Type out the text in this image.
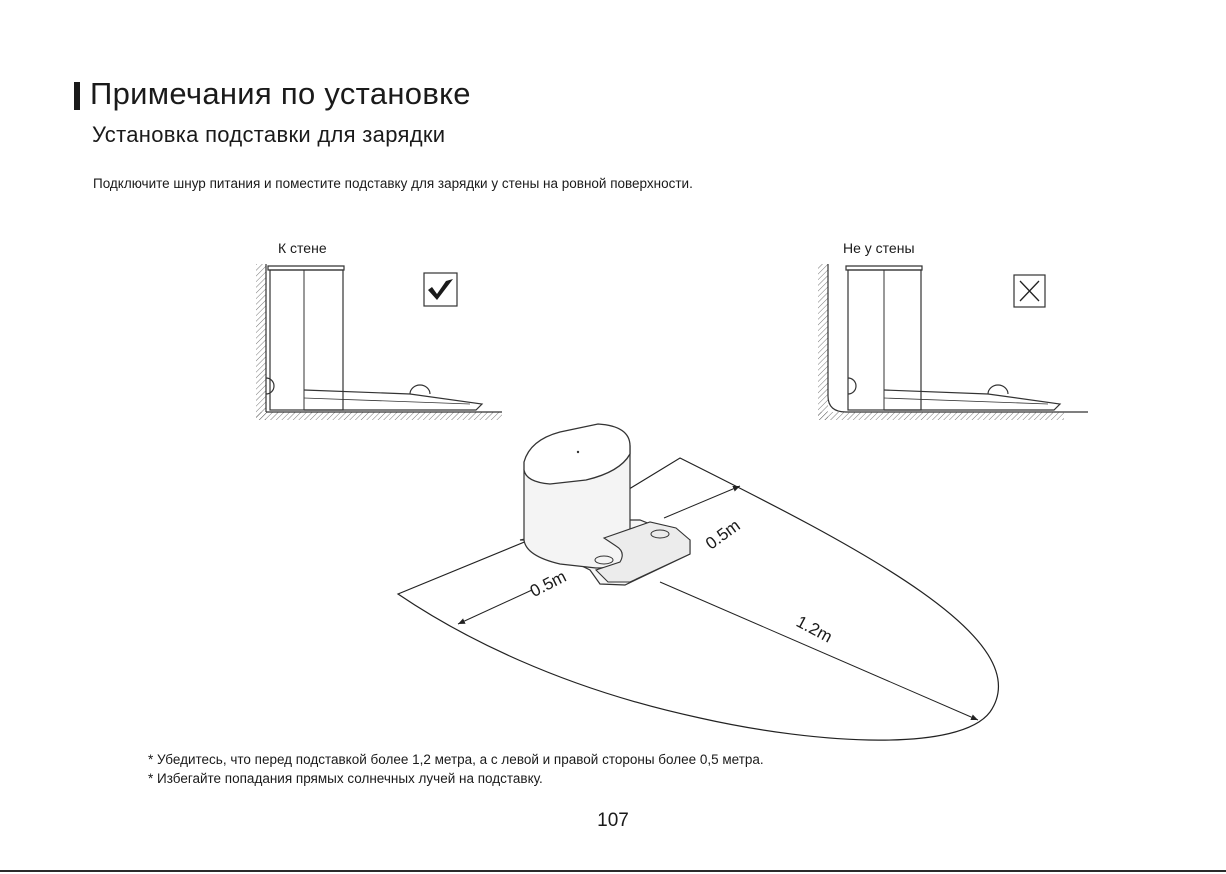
Примечания по установке
Установка подставки для зарядки
Подключите шнур питания и поместите подставку для зарядки у стены на ровной поверхности.
К стене	Не у стены
0.5m
0.5m
1.2m
* Убедитесь, что перед подставкой более 1,2 метра, а с левой и правой стороны более 0,5 метра.
* Избегайте попадания прямых солнечных лучей на подставку.
107
